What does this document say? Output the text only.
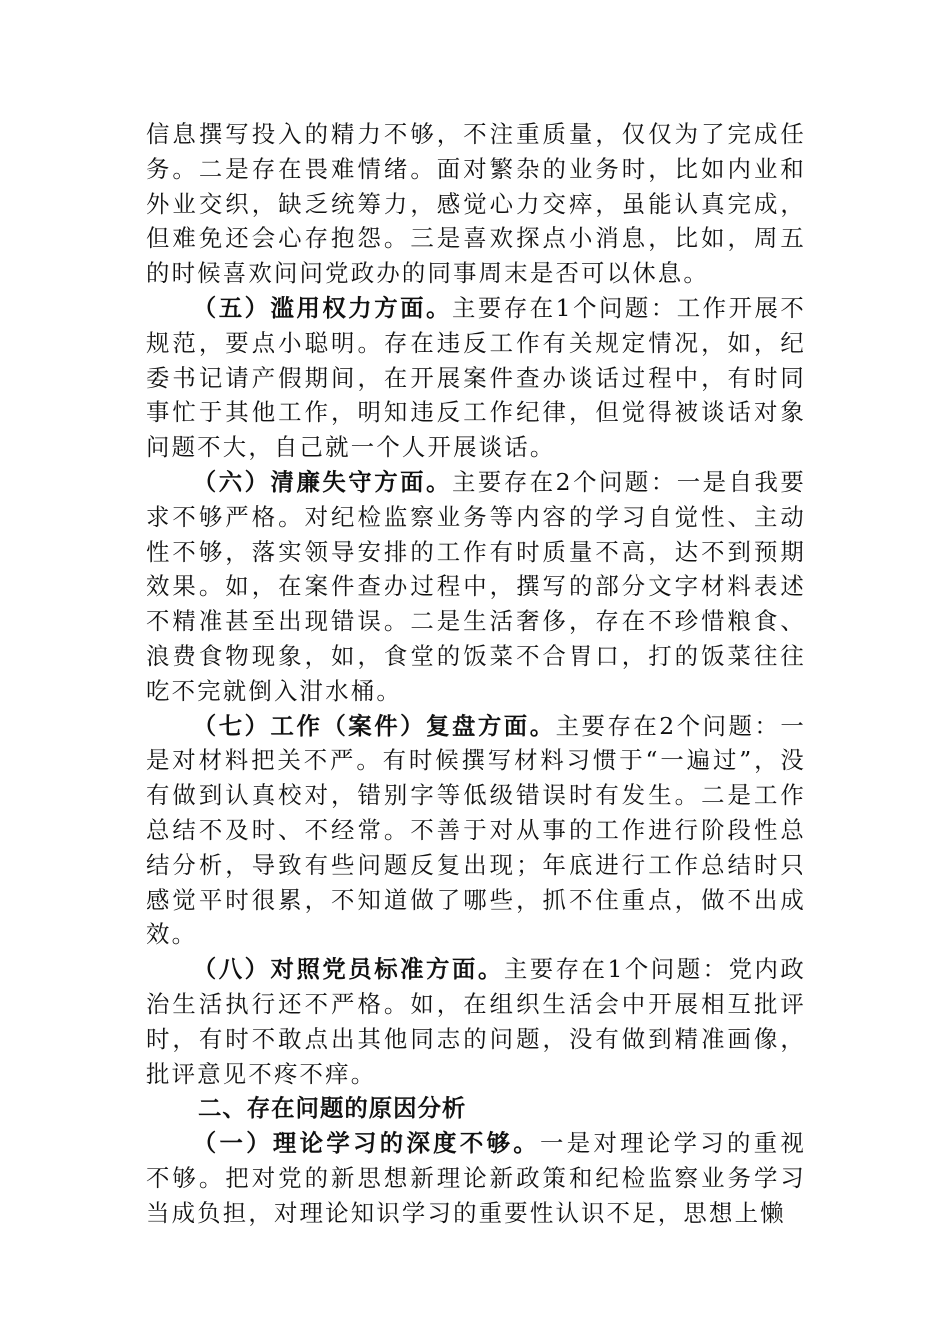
信息撰写投入的精力不够，不注重质量，仅仅为了完成任务。二是存在畏难情绪。面对繁杂的业务时，比如内业和外业交织，缺乏统筹力，感觉心力交瘁，虽能认真完成，但难免还会心存抱怨。三是喜欢探点小消息，比如，周五的时候喜欢问问党政办的同事周末是否可以休息。

（五）滥用权力方面。主要存在1个问题：工作开展不规范，要点小聪明。存在违反工作有关规定情况，如，纪委书记请产假期间，在开展案件查办谈话过程中，有时同事忙于其他工作，明知违反工作纪律，但觉得被谈话对象问题不大，自己就一个人开展谈话。

（六）清廉失守方面。主要存在2个问题：一是自我要求不够严格。对纪检监察业务等内容的学习自觉性、主动性不够，落实领导安排的工作有时质量不高，达不到预期效果。如，在案件查办过程中，撰写的部分文字材料表述不精准甚至出现错误。二是生活奢侈，存在不珍惜粮食、浪费食物现象，如，食堂的饭菜不合胃口，打的饭菜往往吃不完就倒入泔水桶。

（七）工作（案件）复盘方面。主要存在2个问题：一是对材料把关不严。有时候撰写材料习惯于“一遍过”，没有做到认真校对，错别字等低级错误时有发生。二是工作总结不及时、不经常。不善于对从事的工作进行阶段性总结分析，导致有些问题反复出现；年底进行工作总结时只感觉平时很累，不知道做了哪些，抓不住重点，做不出成效。

（八）对照党员标准方面。主要存在1个问题：党内政治生活执行还不严格。如，在组织生活会中开展相互批评时，有时不敢点出其他同志的问题，没有做到精准画像，批评意见不疼不痒。

二、存在问题的原因分析

（一）理论学习的深度不够。一是对理论学习的重视不够。把对党的新思想新理论新政策和纪检监察业务学习当成负担，对理论知识学习的重要性认识不足，思想上懒
